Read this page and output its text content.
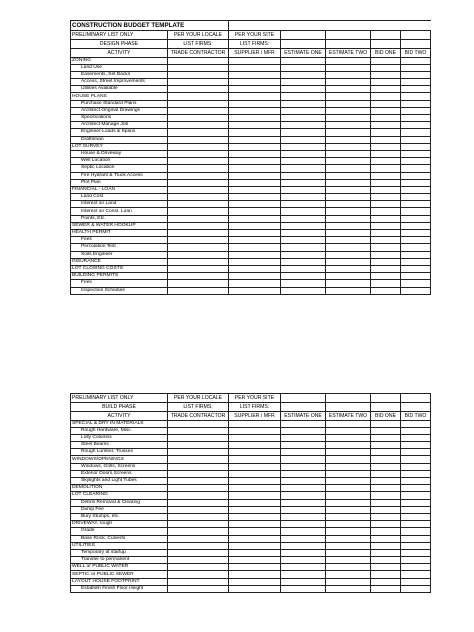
CONSTRUCTION BUDGET TEMPLATE						
PRELIMINARY LIST ONLY	PER YOUR LOCALE	PER YOUR SITE				
DESIGN PHASE	LIST FIRMS:	LIST FIRMS:				
ACTIVITY	TRADE CONTRACTOR	SUPPLIER / MFR	ESTIMATE ONE	ESTIMATE TWO	BID ONE	BID TWO
ZONING						
Land Use						
Easements, Set Backs						
Access, Street Improvements						
Utilities Available						
HOUSE PLANS						
Purchase Standard Plans						
Architect Original Drawings						
Specifications						
Architect Manage Job						
Engineer-Loads & Spans						
Draftsman						
LOT SURVEY						
House & Driveway						
Well Location						
Septic Location						
Fire Hydrant & Truck Access						
Plot Plan						
FINANCIAL - LOAN						
Land Cost						
Interest on Land						
Interest on Const. Loan						
Points, Etc.						
SEWER & WATER HOOKUP						
HEALTH PERMIT						
Fees						
Percolation Test						
Soils Engineer						
INSURANCE						
LOT CLOSING COSTS						
BUILDING PERMITS						
Fees						
Inspection Schedule						
PRELIMINARY LIST ONLY	PER YOUR LOCALE	PER YOUR SITE				
BUILD PHASE	LIST FIRMS:	LIST FIRMS:				
ACTIVITY	TRADE CONTRACTOR	SUPPLIER / MFR	ESTIMATE ONE	ESTIMATE TWO	BID ONE	BID TWO
SPECIAL & DRY IN MATERIALS						
Rough Hardware, Misc.						
Lolly Columns						
Steel Beams						
Rough Lumber, Trusses						
WINDOWS/OPENINGS						
Windows, Grills, Screens						
Exterior Doors,Screens						
Skylights and Light Tubes						
DEMOLITION						
LOT CLEARING						
Debris Removal & Clearing						
Dump Fee						
Bury Stumps, etc.						
DRIVEWAY, rough						
Grade						
Base Rock, Culverts						
UTILITIES						
Temporary at startup						
Transfer to permanent						
WELL or PUBLIC WATER						
SEPTIC or PUBLIC SEWER						
LAYOUT HOUSE FOOTPRINT						
Establish Finish Floor Height						
